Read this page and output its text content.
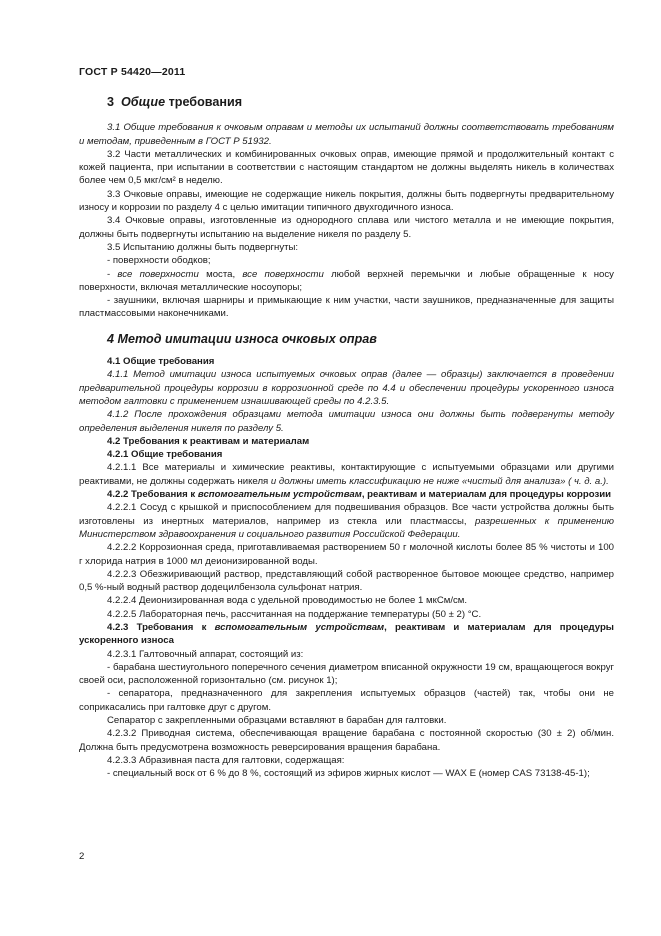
ГОСТ Р 54420—2011

3 Общие требования

3.1 Общие требования к очковым оправам и методы их испытаний должны соответствовать требованиям и методам, приведенным в ГОСТ Р 51932.

3.2 Части металлических и комбинированных очковых оправ, имеющие прямой и продолжительный контакт с кожей пациента, при испытании в соответствии с настоящим стандартом не должны выделять никель в количествах более чем 0,5 мкг/см² в неделю.

3.3 Очковые оправы, имеющие не содержащие никель покрытия, должны быть подвергнуты предварительному износу и коррозии по разделу 4 с целью имитации типичного двухгодичного износа.

3.4 Очковые оправы, изготовленные из однородного сплава или чистого металла и не имеющие покрытия, должны быть подвергнуты испытанию на выделение никеля по разделу 5.

3.5 Испытанию должны быть подвергнуты:

- поверхности ободков;

- все поверхности моста, все поверхности любой верхней перемычки и любые обращенные к носу поверхности, включая металлические носоупоры;

- заушники, включая шарниры и примыкающие к ним участки, части заушников, предназначенные для защиты пластмассовыми наконечниками.

4 Метод имитации износа очковых оправ

4.1 Общие требования

4.1.1 Метод имитации износа испытуемых очковых оправ (далее — образцы) заключается в проведении предварительной процедуры коррозии в коррозионной среде по 4.4 и обеспечении процедуры ускоренного износа методом галтовки с применением изнашивающей среды по 4.2.3.5.

4.1.2 После прохождения образцами метода имитации износа они должны быть подвергнуты методу определения выделения никеля по разделу 5.

4.2 Требования к реактивам и материалам

4.2.1 Общие требования

4.2.1.1 Все материалы и химические реактивы, контактирующие с испытуемыми образцами или другими реактивами, не должны содержать никеля и должны иметь классификацию не ниже «чистый для анализа» ( ч. д. а.).

4.2.2 Требования к вспомогательным устройствам, реактивам и материалам для процедуры коррозии

4.2.2.1 Сосуд с крышкой и приспособлением для подвешивания образцов. Все части устройства должны быть изготовлены из инертных материалов, например из стекла или пластмассы, разрешенных к применению Министерством здравоохранения и социального развития Российской Федерации.

4.2.2.2 Коррозионная среда, приготавливаемая растворением 50 г молочной кислоты более 85 % чистоты и 100 г хлорида натрия в 1000 мл деионизированной воды.

4.2.2.3 Обезжиривающий раствор, представляющий собой растворенное бытовое моющее средство, например 0,5 %-ный водный раствор додецилбензола сульфонат натрия.

4.2.2.4 Деионизированная вода с удельной проводимостью не более 1 мкСм/см.

4.2.2.5 Лабораторная печь, рассчитанная на поддержание температуры (50 ± 2) °С.

4.2.3 Требования к вспомогательным устройствам, реактивам и материалам для процедуры ускоренного износа

4.2.3.1 Галтовочный аппарат, состоящий из:

- барабана шестиугольного поперечного сечения диаметром вписанной окружности 19 см, вращающегося вокруг своей оси, расположенной горизонтально (см. рисунок 1);

- сепаратора, предназначенного для закрепления испытуемых образцов (частей) так, чтобы они не соприкасались при галтовке друг с другом.

Сепаратор с закрепленными образцами вставляют в барабан для галтовки.

4.2.3.2 Приводная система, обеспечивающая вращение барабана с постоянной скоростью (30 ± 2) об/мин. Должна быть предусмотрена возможность реверсирования вращения барабана.

4.2.3.3 Абразивная паста для галтовки, содержащая:

- специальный воск от 6 % до 8 %, состоящий из эфиров жирных кислот — WAX E (номер CAS 73138-45-1);

2
